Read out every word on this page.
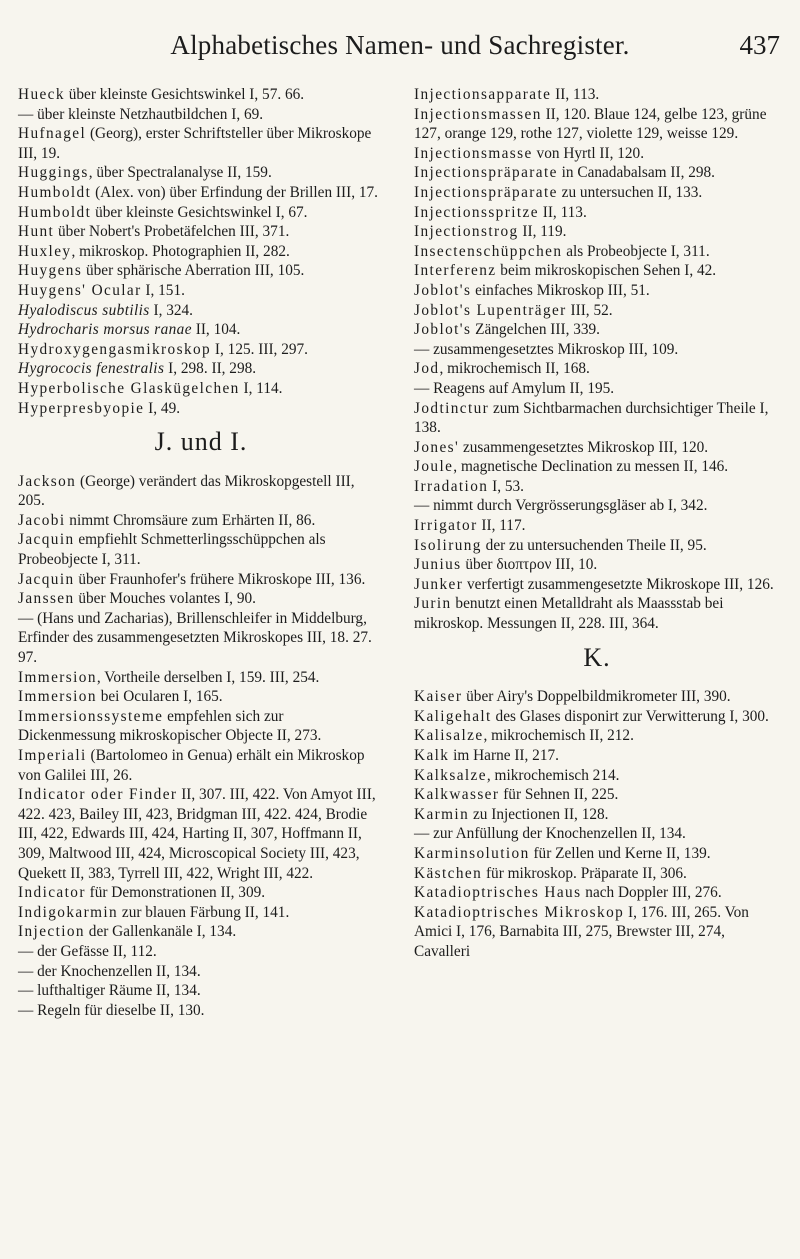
Alphabetisches Namen- und Sachregister.	437
Hueck über kleinste Gesichtswinkel I, 57. 66.
— über kleinste Netzhautbildchen I, 69.
Hufnagel (Georg), erster Schriftsteller über Mikroskope III, 19.
Huggings, über Spectralanalyse II, 159.
Humboldt (Alex. von) über Erfindung der Brillen III, 17.
Humboldt über kleinste Gesichtswinkel I, 67.
Hunt über Nobert's Probetäfelchen III, 371.
Huxley, mikroskop. Photographien II, 282.
Huygens über sphärische Aberration III, 105.
Huygens' Ocular I, 151.
Hyalodiscus subtilis I, 324.
Hydrocharis morsus ranae II, 104.
Hydroxygengasmikroskop I, 125. III, 297.
Hygrococis fenestralis I, 298. II, 298.
Hyperbolische Glaskügelchen I, 114.
Hyperpresbyopie I, 49.
J. und I.
Jackson (George) verändert das Mikroskopgestell III, 205.
Jacobi nimmt Chromsäure zum Erhärten II, 86.
Jacquin empfiehlt Schmetterlingsschüppchen als Probeobjecte I, 311.
Jacquin über Fraunhofer's frühere Mikroskope III, 136.
Janssen über Mouches volantes I, 90.
— (Hans und Zacharias), Brillenschleifer in Middelburg, Erfinder des zusammengesetzten Mikroskopes III, 18. 27. 97.
Immersion, Vortheile derselben I, 159. III, 254.
Immersion bei Ocularen I, 165.
Immersionssysteme empfehlen sich zur Dickenmessung mikroskopischer Objecte II, 273.
Imperiali (Bartolomeo in Genua) erhält ein Mikroskop von Galilei III, 26.
Indicator oder Finder II, 307. III, 422. Von Amyot III, 422. 423, Bailey III, 423, Bridgman III, 422. 424, Brodie III, 422, Edwards III, 424, Harting II, 307, Hoffmann II, 309, Maltwood III, 424, Microscopical Society III, 423, Quekett II, 383, Tyrrell III, 422, Wright III, 422.
Indicator für Demonstrationen II, 309.
Indigokarmin zur blauen Färbung II, 141.
Injection der Gallenkanäle I, 134.
— der Gefässe II, 112.
— der Knochenzellen II, 134.
— lufthaltiger Räume II, 134.
— Regeln für dieselbe II, 130.
Injectionsapparate II, 113.
Injectionsmassen II, 120. Blaue 124, gelbe 123, grüne 127, orange 129, rothe 127, violette 129, weisse 129.
Injectionsmasse von Hyrtl II, 120.
Injectionspräparate in Canadabalsam II, 298.
Injectionspräparate zu untersuchen II, 133.
Injectionsspritze II, 113.
Injectionstrog II, 119.
Insectenschüppchen als Probeobjecte I, 311.
Interferenz beim mikroskopischen Sehen I, 42.
Joblot's einfaches Mikroskop III, 51.
Joblot's Lupenträger III, 52.
Joblot's Zängelchen III, 339.
— zusammengesetztes Mikroskop III, 109.
Jod, mikrochemisch II, 168.
— Reagens auf Amylum II, 195.
Jodtinctur zum Sichtbarmachen durchsichtiger Theile I, 138.
Jones' zusammengesetztes Mikroskop III, 120.
Joule, magnetische Declination zu messen II, 146.
Irradation I, 53.
— nimmt durch Vergrösserungsgläser ab I, 342.
Irrigator II, 117.
Isolirung der zu untersuchenden Theile II, 95.
Junius über διοπτρον III, 10.
Junker verfertigt zusammengesetzte Mikroskope III, 126.
Jurin benutzt einen Metalldraht als Maassstab bei mikroskop. Messungen II, 228. III, 364.
K.
Kaiser über Airy's Doppelbildmikrometer III, 390.
Kaligehalt des Glases disponirt zur Verwitterung I, 300.
Kalisalze, mikrochemisch II, 212.
Kalk im Harne II, 217.
Kalksalze, mikrochemisch 214.
Kalkwasser für Sehnen II, 225.
Karmin zu Injectionen II, 128.
— zur Anfüllung der Knochenzellen II, 134.
Karminsolution für Zellen und Kerne II, 139.
Kästchen für mikroskop. Präparate II, 306.
Katadioptrisches Haus nach Doppler III, 276.
Katadioptrisches Mikroskop I, 176. III, 265. Von Amici I, 176, Barnabita III, 275, Brewster III, 274, Cavalleri
